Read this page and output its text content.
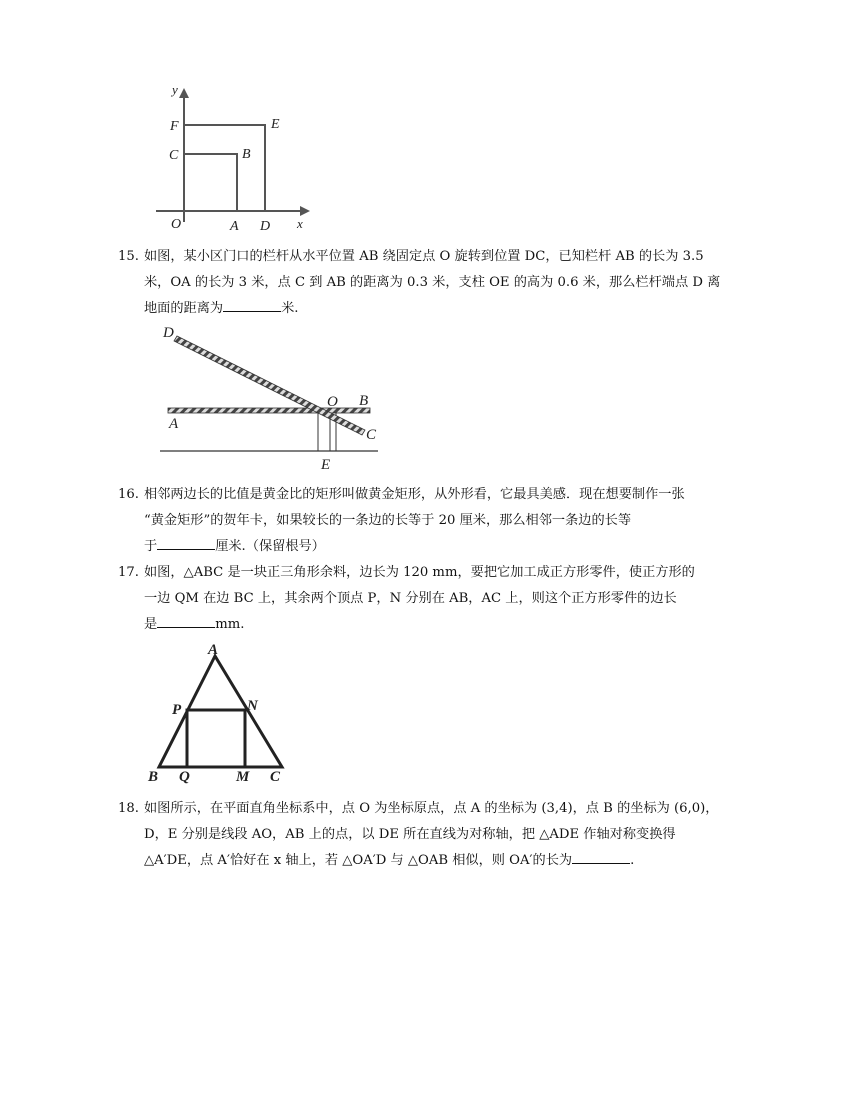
y
F	E
C	B
O	A D x
15. 如图，某小区门口的栏杆从水平位置 AB 绕固定点 O 旋转到位置 DC，已知栏杆 AB 的长为 3.5
米，OA 的长为 3 米，点 C 到 AB 的距离为 0.3 米，支柱 OE 的高为 0.6 米，那么栏杆端点 D 离
地面的距离为	米.
D
O B
A
C
E
16. 相邻两边长的比值是黄金比的矩形叫做黄金矩形，从外形看，它最具美感．现在想要制作一张
“黄金矩形”的贺年卡，如果较长的一条边的长等于 20 厘米，那么相邻一条边的长等
于	厘米.（保留根号）
17. 如图，△ABC 是一块正三角形余料，边长为 120 mm，要把它加工成正方形零件，使正方形的
一边 QM 在边 BC 上，其余两个顶点 P，N 分别在 AB，AC 上，则这个正方形零件的边长
是	mm.
A
P	N
B Q	M C
18. 如图所示，在平面直角坐标系中，点 O 为坐标原点，点 A 的坐标为 (3,4)，点 B 的坐标为 (6,0)，
D，E 分别是线段 AO，AB 上的点，以 DE 所在直线为对称轴，把 △ADE 作轴对称变换得
△A′DE，点 A′恰好在 x 轴上，若 △OA′D 与 △OAB 相似，则 OA′的长为	.
